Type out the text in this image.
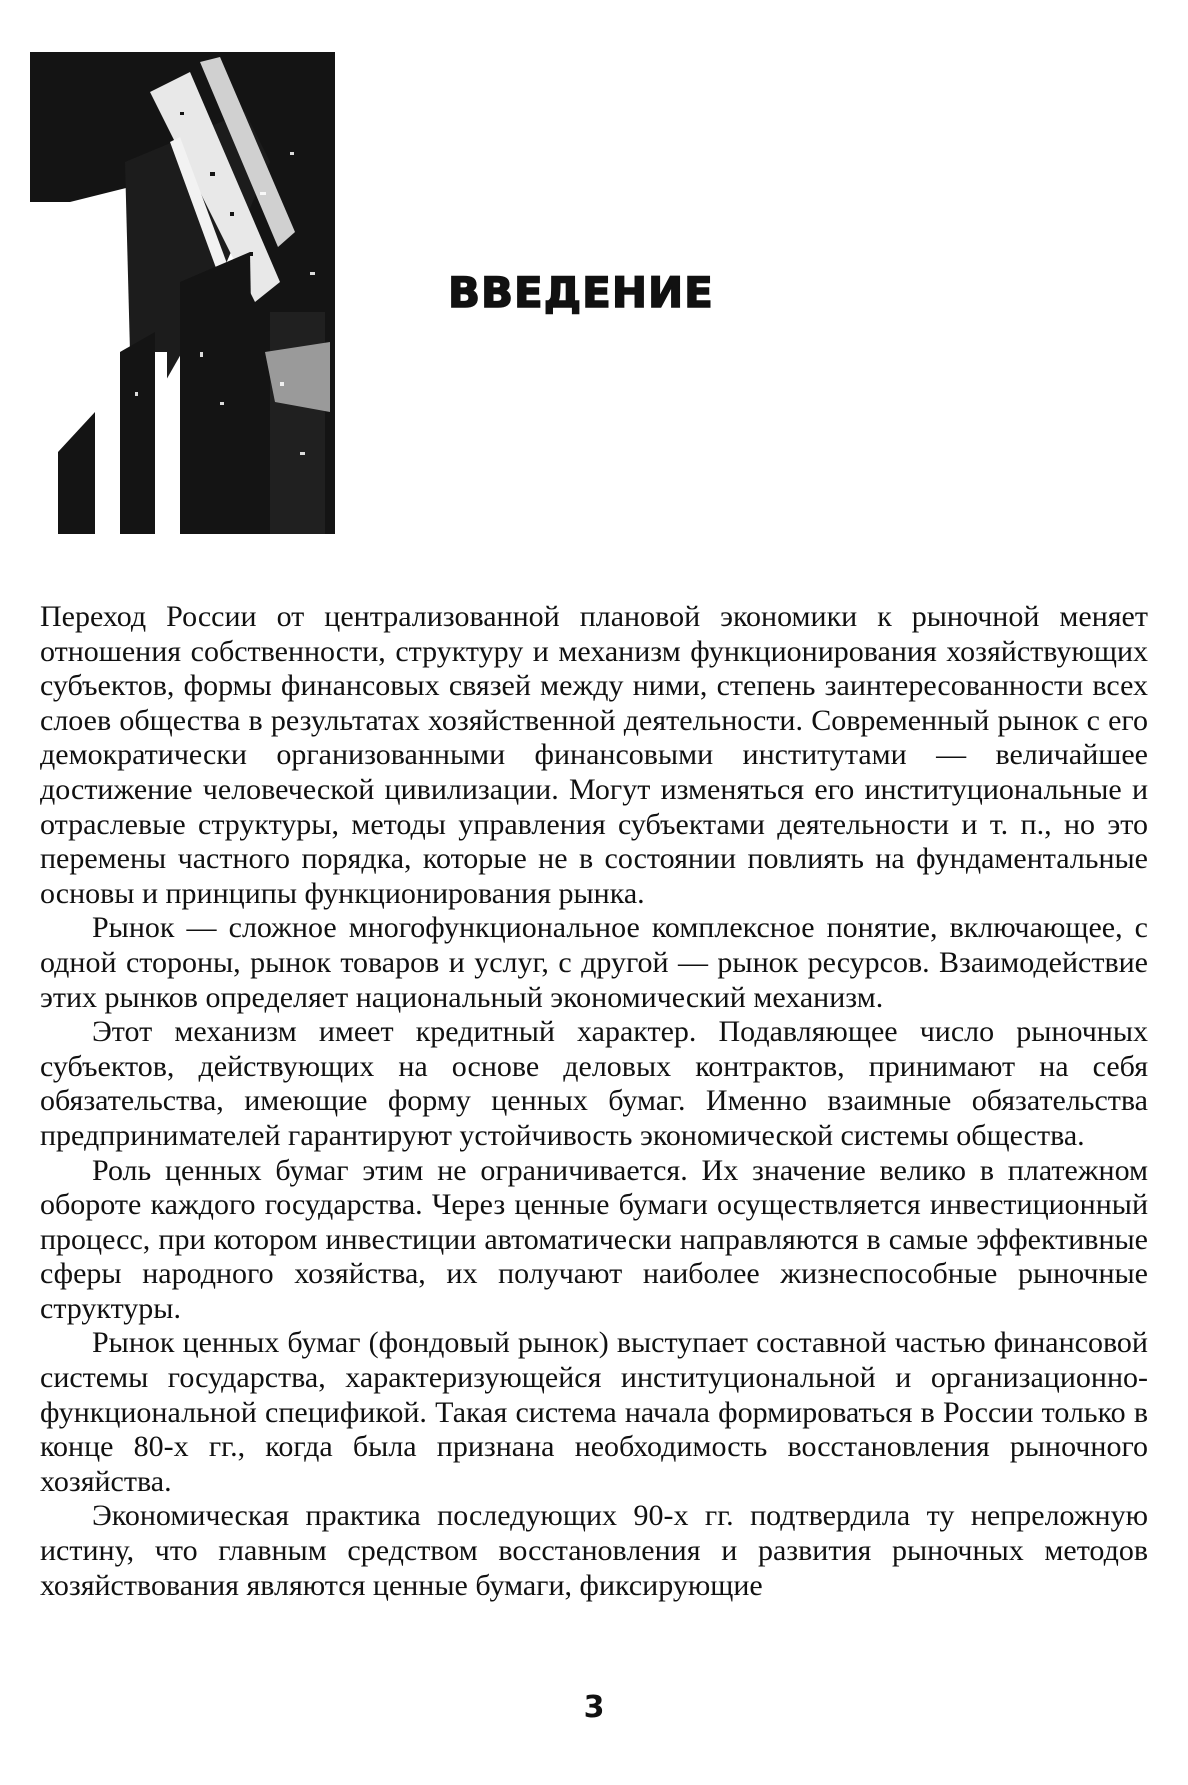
ВВЕДЕНИЕ

Переход России от централизованной плановой экономики к рыночной меняет отношения собственности, структуру и механизм функционирования хозяйствующих субъектов, формы финансовых связей между ними, степень заинтересованности всех слоев общества в результатах хозяйственной деятельности. Современный рынок с его демократически организованными финансовыми институтами — величайшее достижение человеческой цивилизации. Могут изменяться его институциональные и отраслевые структуры, методы управления субъектами деятельности и т. п., но это перемены частного порядка, которые не в состоянии повлиять на фундаментальные основы и принципы функционирования рынка.

Рынок — сложное многофункциональное комплексное понятие, включающее, с одной стороны, рынок товаров и услуг, с другой — рынок ресурсов. Взаимодействие этих рынков определяет национальный экономический механизм.

Этот механизм имеет кредитный характер. Подавляющее число рыночных субъектов, действующих на основе деловых контрактов, принимают на себя обязательства, имеющие форму ценных бумаг. Именно взаимные обязательства предпринимателей гарантируют устойчивость экономической системы общества.

Роль ценных бумаг этим не ограничивается. Их значение велико в платежном обороте каждого государства. Через ценные бумаги осуществляется инвестиционный процесс, при котором инвестиции автоматически направляются в самые эффективные сферы народного хозяйства, их получают наиболее жизнеспособные рыночные структуры.

Рынок ценных бумаг (фондовый рынок) выступает составной частью финансовой системы государства, характеризующейся институциональной и организационно-функциональной спецификой. Такая система начала формироваться в России только в конце 80-х гг., когда была признана необходимость восстановления рыночного хозяйства.

Экономическая практика последующих 90-х гг. подтвердила ту непреложную истину, что главным средством восстановления и развития рыночных методов хозяйствования являются ценные бумаги, фиксирующие

3
